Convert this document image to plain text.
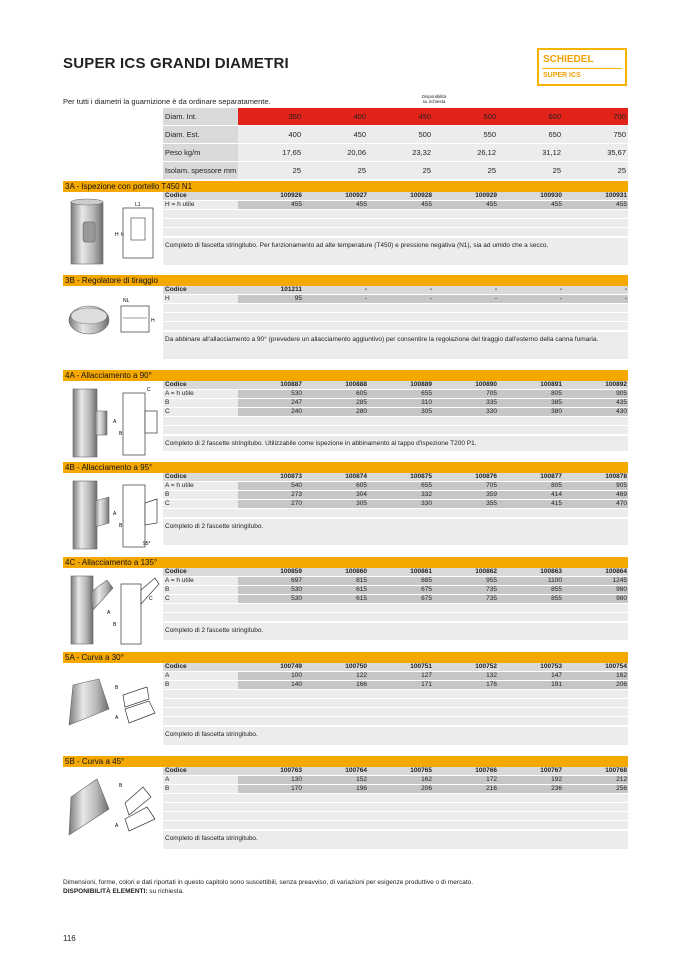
SUPER ICS GRANDI DIAMETRI	SCHIEDEL
SUPER ICS
Per tutti i diametri la guarnizione è da ordinare separatamente.
Disponibilità
su richiesta
Diam. Int.	350	400	450	500	600	700
Diam. Est.	400	450	500	550	650	750
Peso kg/m	17,65	20,06	23,32	26,12	31,12	35,67
Isolam. spessore mm	25	25	25	25	25	25
3A - Ispezione con portello T450 N1
L1
H h
Codice	100926	100927	100928	100929	100930	100931
H = h utile	455	455	455	455	455	455
Completo di fascetta stringitubo. Per funzionamento ad alte temperature (T450) e pressione negativa (N1), sia ad umido che a secco.
3B - Regolatore di tiraggio
NL
H
Codice	101211	-	-	-	-	-
H	95	-	-	-	-	-
Da abbinare all'allacciamento a 90° (prevedere un allacciamento aggiuntivo) per consentire la regolazione del tiraggio dall'esterno della canna fumaria.
4A - Allacciamento a 90°
A
B
C
Codice	100887	100888	100889	100890	100891	100892
A = h utile	530	605	655	705	805	905
B	247	285	310	335	385	435
C	240	280	305	330	380	430
Completo di 2 fascette stringitubo. Utilizzabile come ispezione in abbinamento al tappo d'ispezione T200 P1.
4B - Allacciamento a 95°
A
B
95°
Codice	100873	100874	100875	100876	100877	100878
A = h utile	540	605	655	705	805	905
B	273	304	332	359	414	469
C	270	305	330	355	415	470
Completo di 2 fascette stringitubo.
4C - Allacciamento a 135°
A
B
C
Codice	100859	100860	100861	100862	100863	100864
A = h utile	697	815	885	955	1100	1245
B	530	615	675	735	855	980
C	530	615	675	735	855	980
Completo di 2 fascette stringitubo.
5A - Curva a 30°
B
A
Codice	100749	100750	100751	100752	100753	100754
A	100	122	127	132	147	162
B	140	166	171	176	191	206
Completo di fascetta stringitubo.
5B - Curva a 45°
B
A
Codice	100763	100764	100765	100766	100767	100768
A	130	152	162	172	192	212
B	170	196	206	216	236	256
Completo di fascetta stringitubo.
Dimensioni, forme, colori e dati riportati in questo capitolo sono suscettibili, senza preavviso, di variazioni per esigenze produttive o di mercato.
DISPONIBILITÀ ELEMENTI: su richiesta.
116
